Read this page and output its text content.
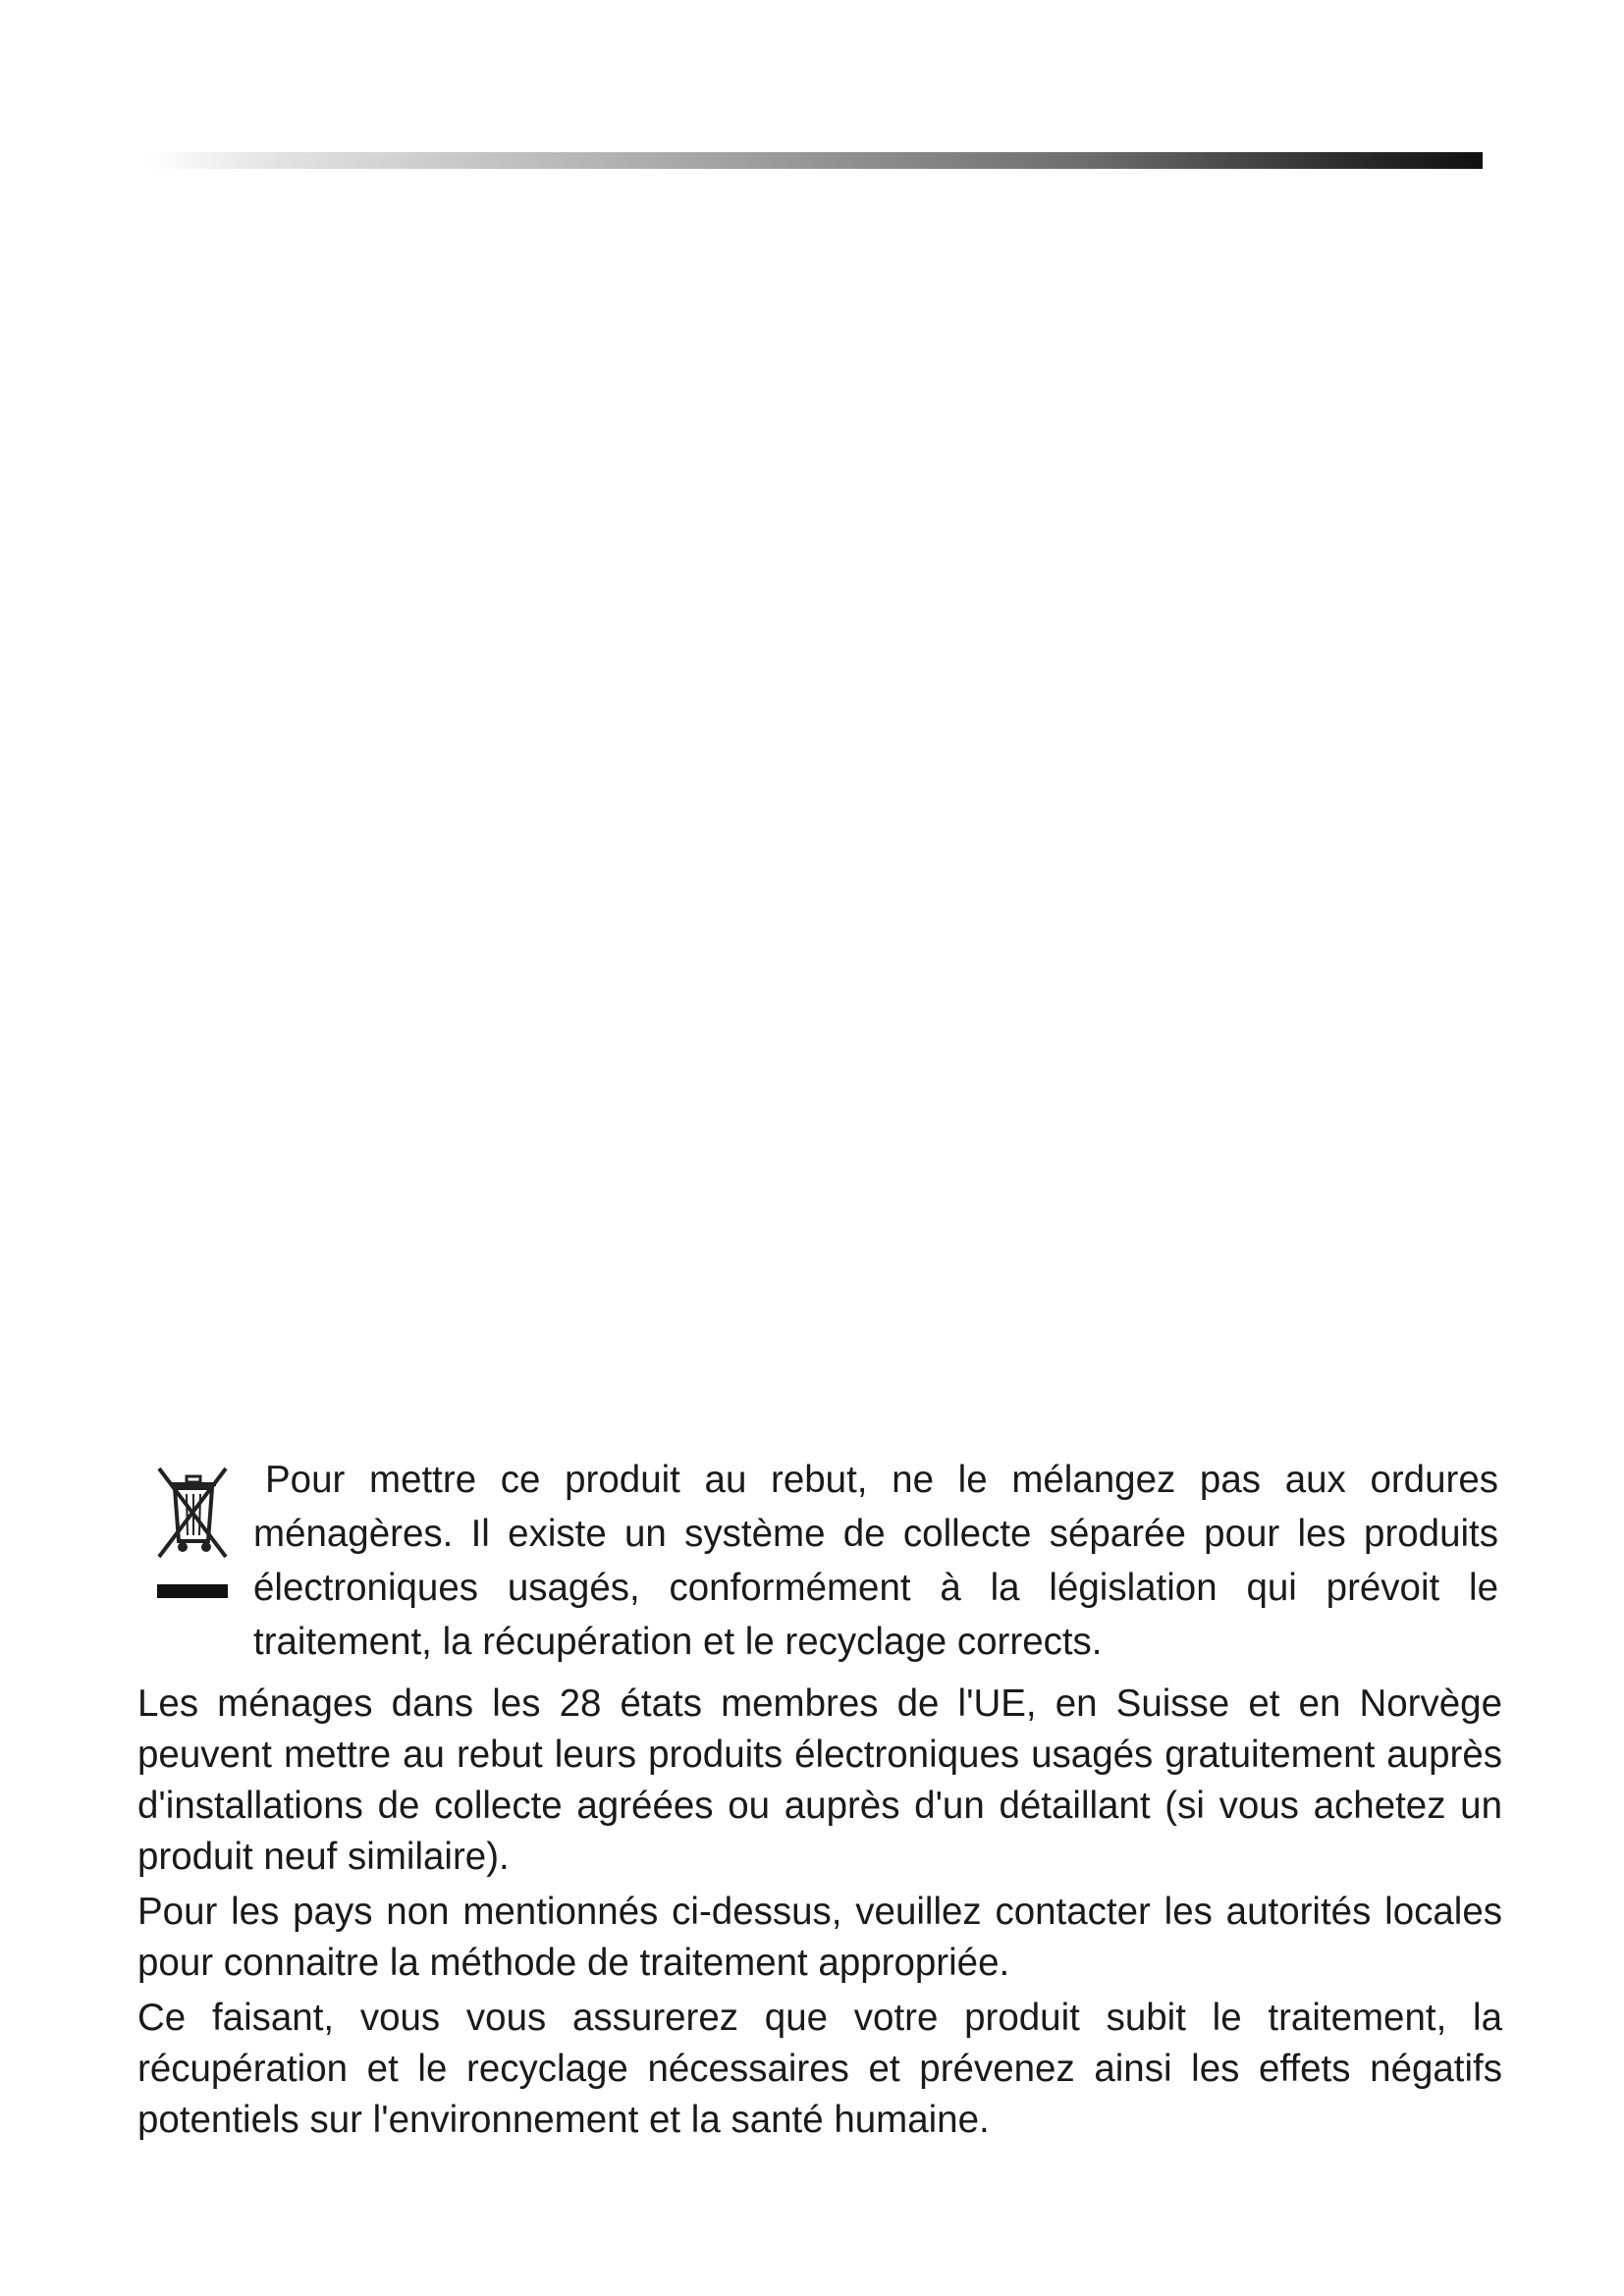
Pour mettre ce produit au rebut, ne le mélangez pas aux ordures ménagères. Il existe un système de collecte séparée pour les produits électroniques usagés, conformément à la législation qui prévoit le traitement, la récupération et le recyclage corrects.

Les ménages dans les 28 états membres de l'UE, en Suisse et en Norvège peuvent mettre au rebut leurs produits électroniques usagés gratuitement auprès d'installations de collecte agréées ou auprès d'un détaillant (si vous achetez un produit neuf similaire).

Pour les pays non mentionnés ci-dessus, veuillez contacter les autorités locales pour connaitre la méthode de traitement appropriée.

Ce faisant, vous vous assurerez que votre produit subit le traitement, la récupération et le recyclage nécessaires et prévenez ainsi les effets négatifs potentiels sur l'environnement et la santé humaine.
